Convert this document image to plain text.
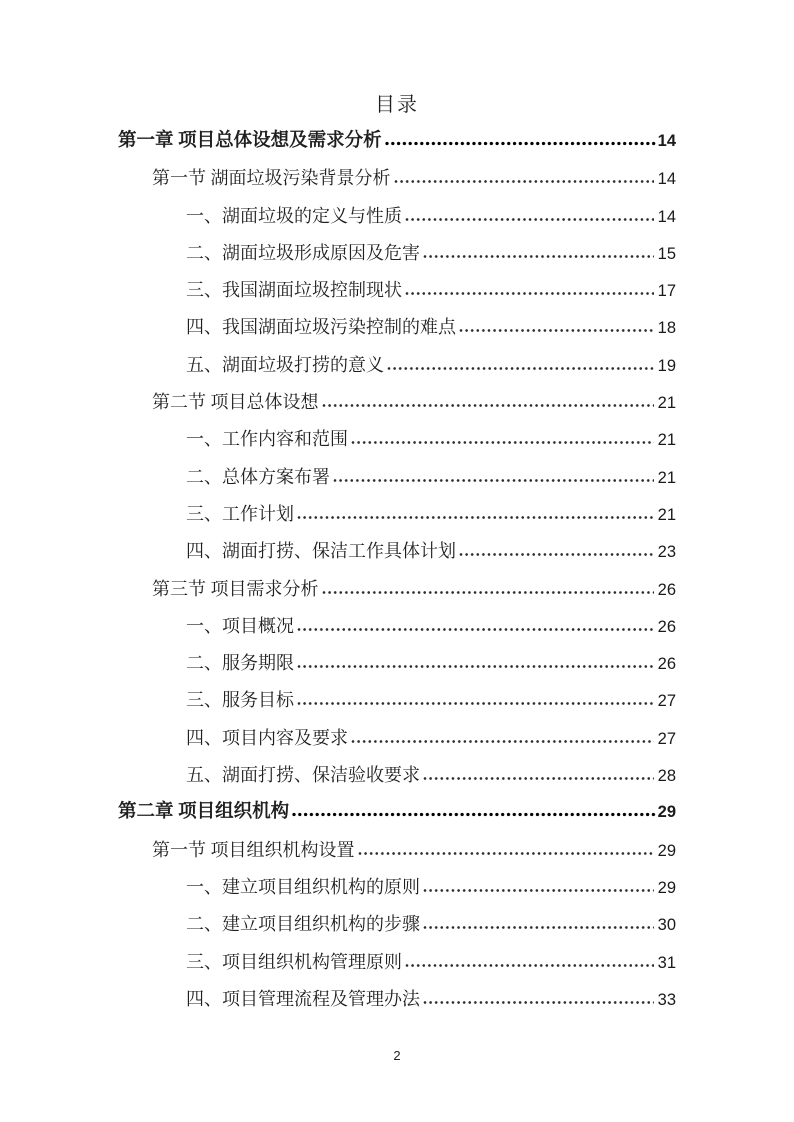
目录
第一章 项目总体设想及需求分析	14
第一节 湖面垃圾污染背景分析	14
一、湖面垃圾的定义与性质	14
二、湖面垃圾形成原因及危害	15
三、我国湖面垃圾控制现状	17
四、我国湖面垃圾污染控制的难点	18
五、湖面垃圾打捞的意义	19
第二节 项目总体设想	21
一、工作内容和范围	21
二、总体方案布署	21
三、工作计划	21
四、湖面打捞、保洁工作具体计划	23
第三节 项目需求分析	26
一、项目概况	26
二、服务期限	26
三、服务目标	27
四、项目内容及要求	27
五、湖面打捞、保洁验收要求	28
第二章 项目组织机构	29
第一节 项目组织机构设置	29
一、建立项目组织机构的原则	29
二、建立项目组织机构的步骤	30
三、项目组织机构管理原则	31
四、项目管理流程及管理办法	33
2
